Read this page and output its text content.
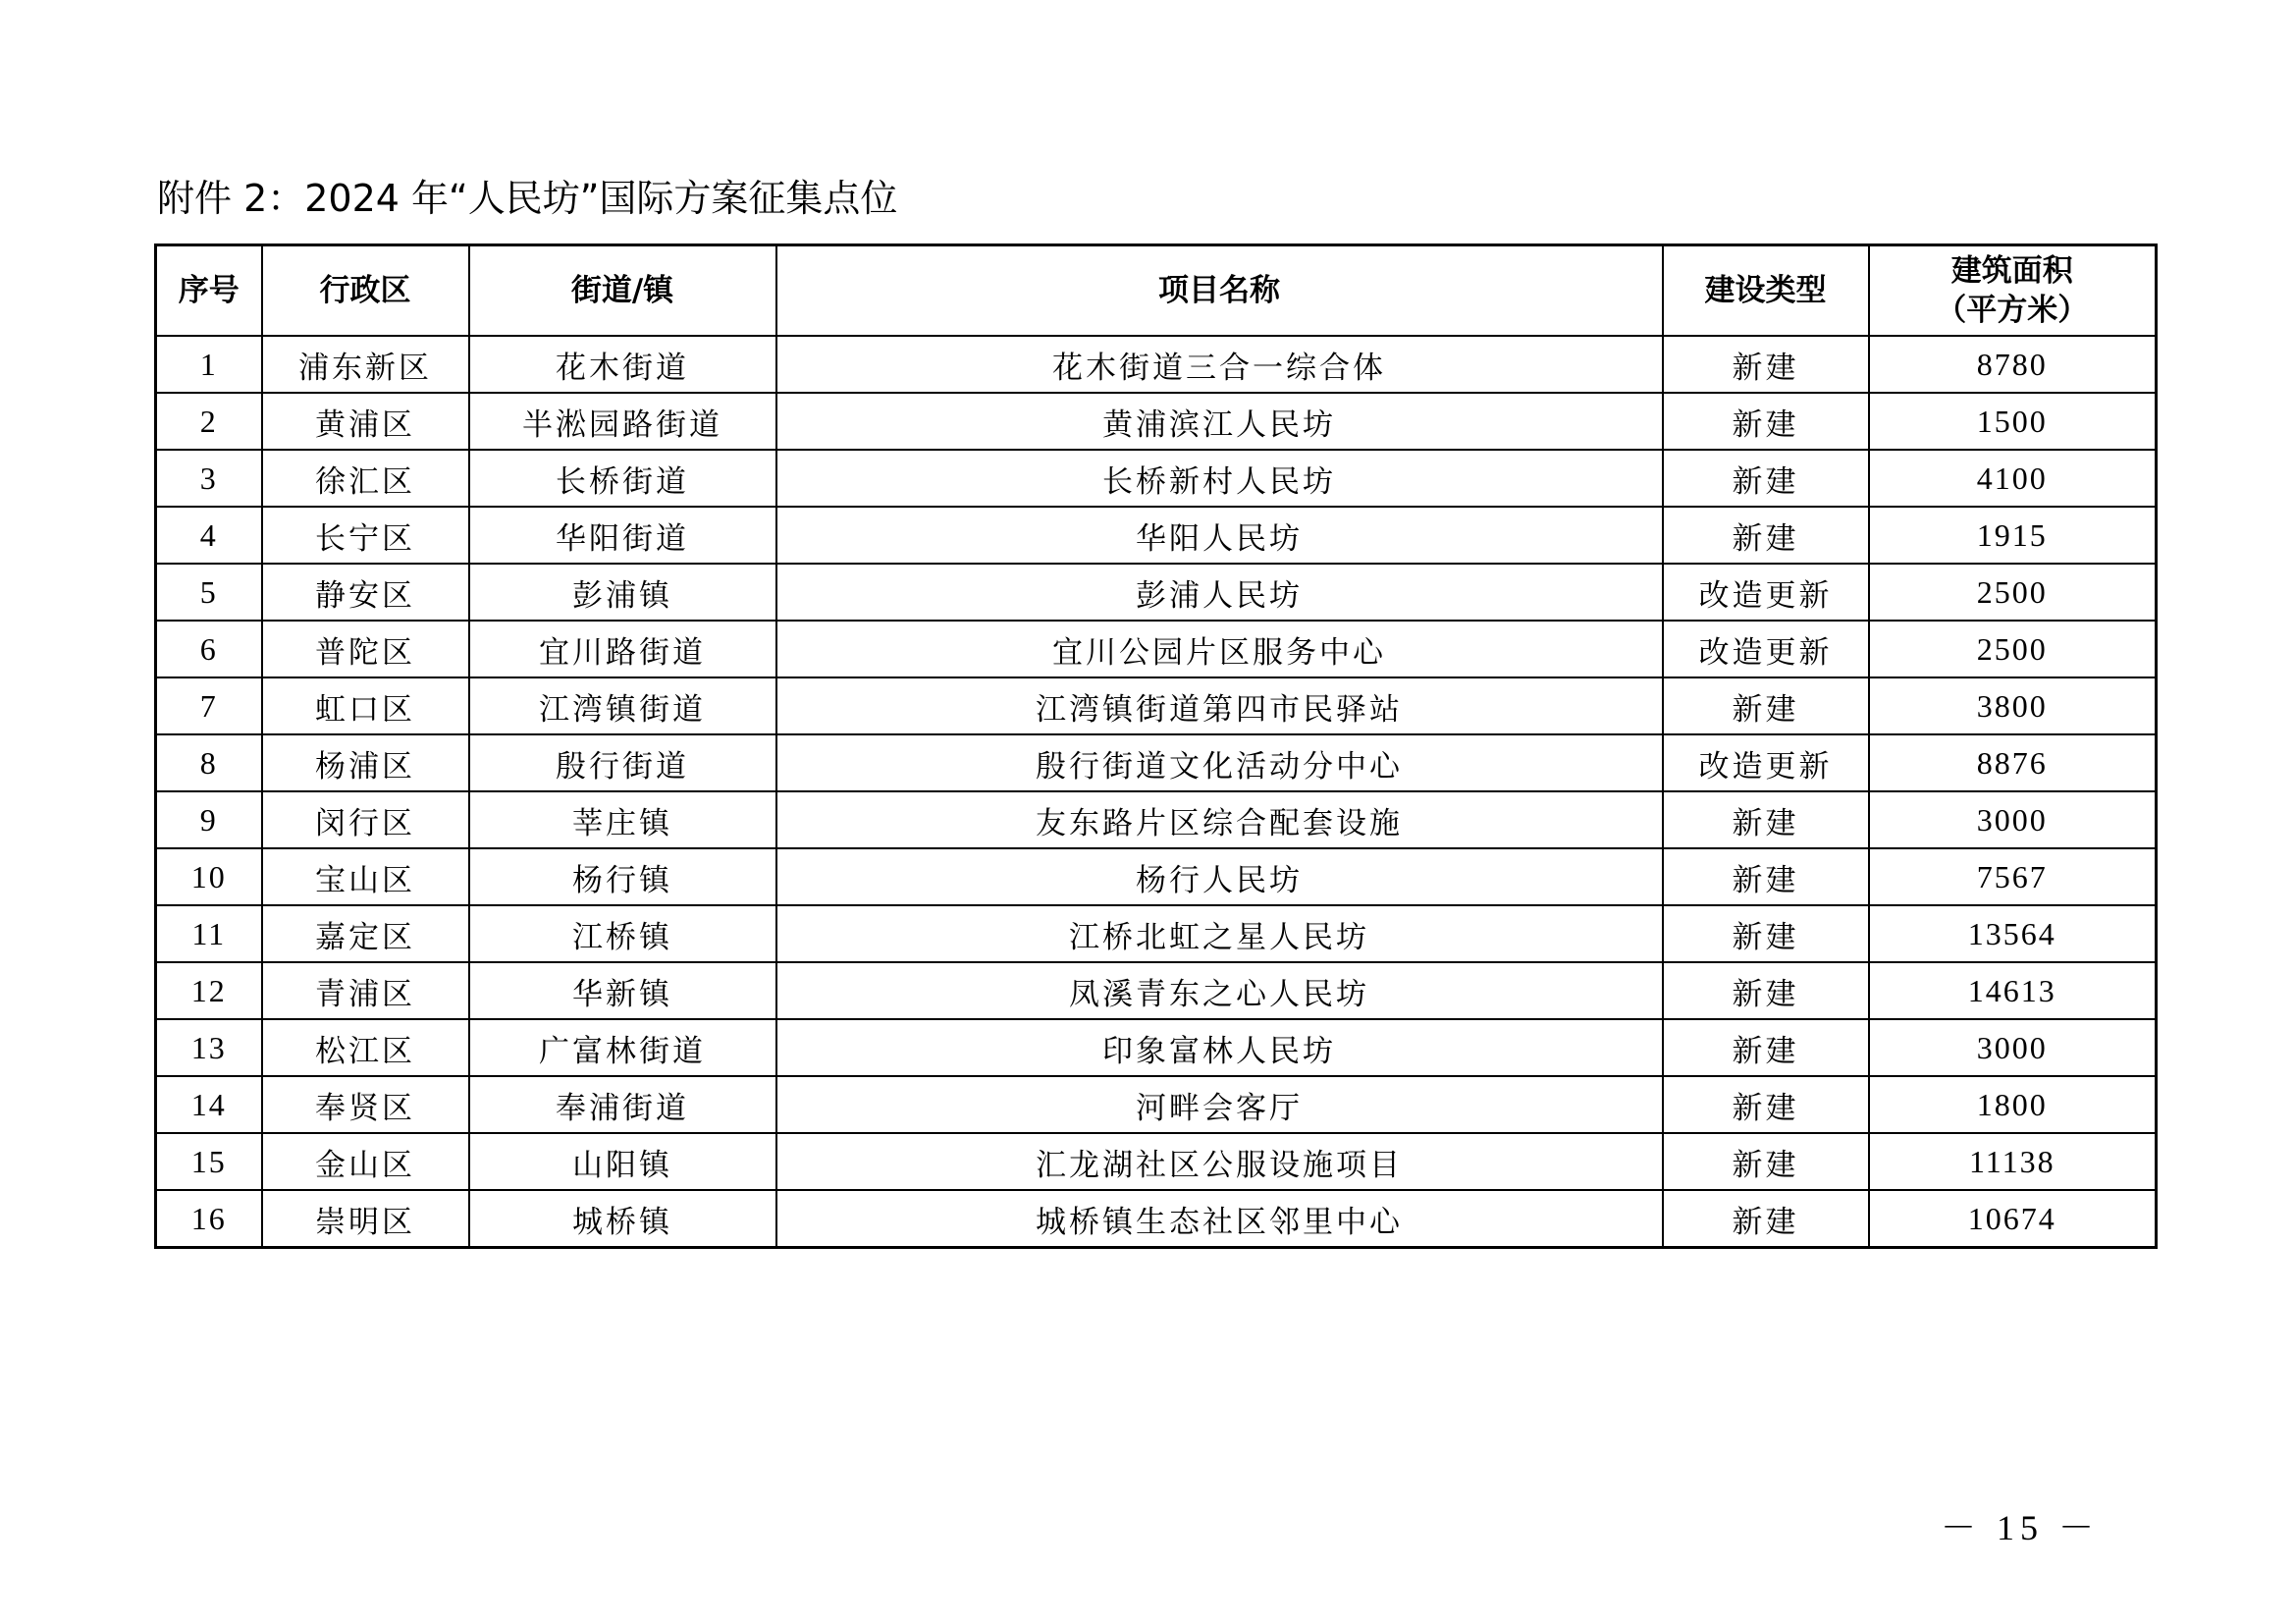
附件 2：2024 年“人民坊”国际方案征集点位
序号	行政区	街道/镇	项目名称	建设类型	建筑面积
（平方米）

1	浦东新区	花木街道	花木街道三合一综合体	新建	8780
2	黄浦区	半淞园路街道	黄浦滨江人民坊	新建	1500
3	徐汇区	长桥街道	长桥新村人民坊	新建	4100
4	长宁区	华阳街道	华阳人民坊	新建	1915
5	静安区	彭浦镇	彭浦人民坊	改造更新	2500
6	普陀区	宜川路街道	宜川公园片区服务中心	改造更新	2500
7	虹口区	江湾镇街道	江湾镇街道第四市民驿站	新建	3800
8	杨浦区	殷行街道	殷行街道文化活动分中心	改造更新	8876
9	闵行区	莘庄镇	友东路片区综合配套设施	新建	3000
10	宝山区	杨行镇	杨行人民坊	新建	7567
11	嘉定区	江桥镇	江桥北虹之星人民坊	新建	13564
12	青浦区	华新镇	凤溪青东之心人民坊	新建	14613
13	松江区	广富林街道	印象富林人民坊	新建	3000
14	奉贤区	奉浦街道	河畔会客厅	新建	1800
15	金山区	山阳镇	汇龙湖社区公服设施项目	新建	11138
16	崇明区	城桥镇	城桥镇生态社区邻里中心	新建	10674
－ 15 －
